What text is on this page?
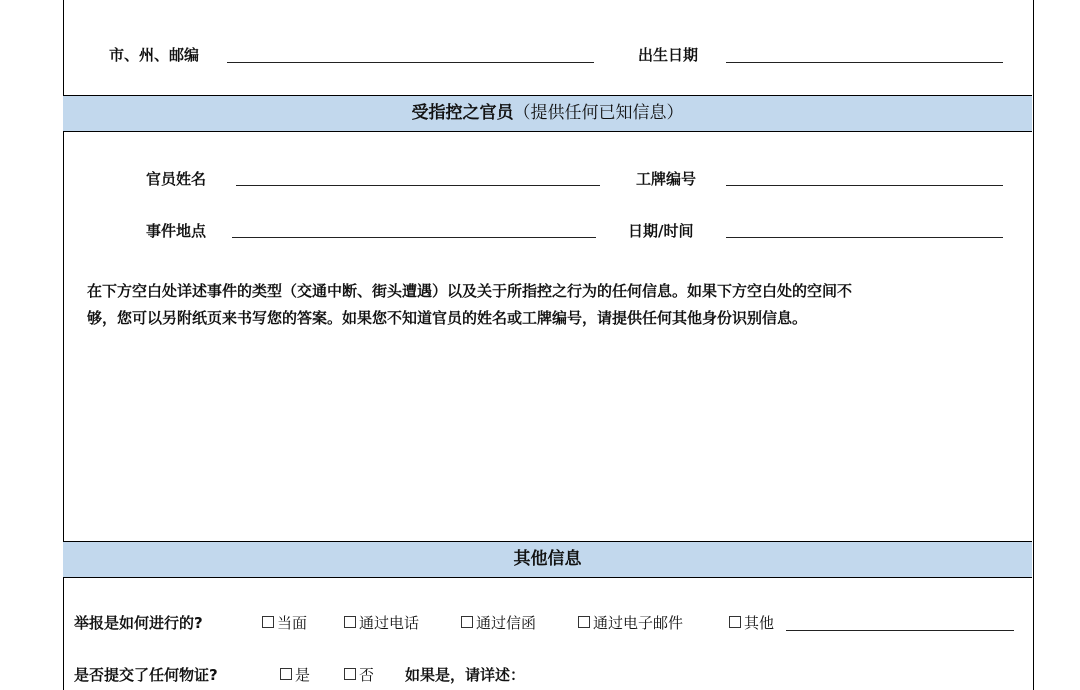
市、州、邮编	出生日期
受指控之官员（提供任何已知信息）
官员姓名	工牌编号
事件地点	日期/时间
在下方空白处详述事件的类型（交通中断、街头遭遇）以及关于所指控之行为的任何信息。如果下方空白处的空间不
够，您可以另附纸页来书写您的答案。如果您不知道官员的姓名或工牌编号，请提供任何其他身份识别信息。
其他信息
举报是如何进行的?	当面	通过电话	通过信函	通过电子邮件	其他
是否提交了任何物证?	是	否 如果是，请详述：
